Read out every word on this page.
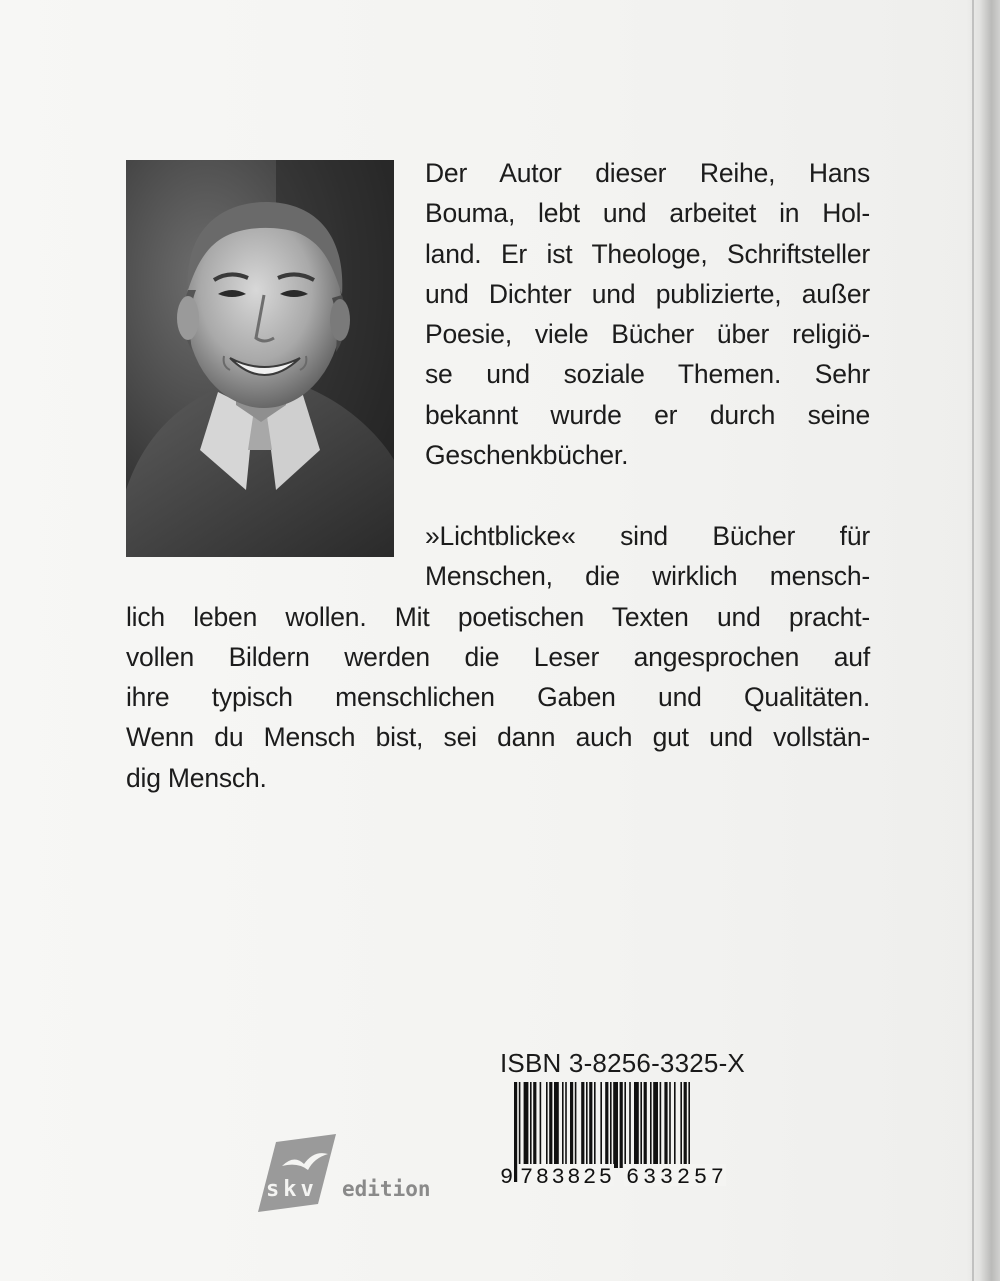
Der Autor dieser Reihe, Hans
Bouma, lebt und arbeitet in Hol-
land. Er ist Theologe, Schriftsteller
und Dichter und publizierte, außer
Poesie, viele Bücher über religiö-
se und soziale Themen. Sehr
bekannt wurde er durch seine
Geschenkbücher.
»Lichtblicke« sind Bücher für
Menschen, die wirklich mensch-
lich leben wollen. Mit poetischen Texten und pracht-
vollen Bildern werden die Leser angesprochen auf
ihre typisch menschlichen Gaben und Qualitäten.
Wenn du Mensch bist, sei dann auch gut und vollstän-
dig Mensch.
ISBN 3-8256-3325-X
9 783825 633257
skv edition
